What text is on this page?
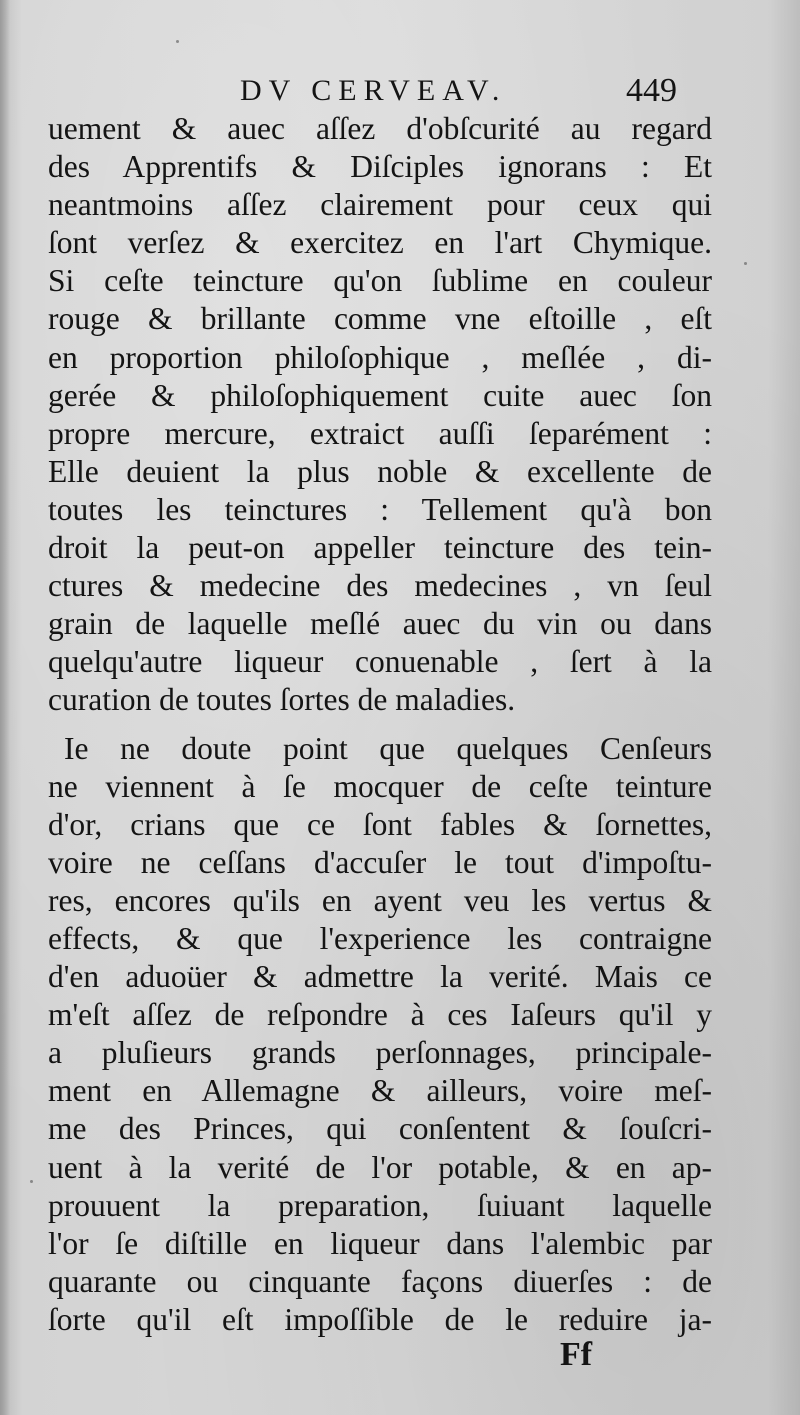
DV CERVEAV.	449
uement & auec aſſez d'obſcurité au regard
des Apprentifs & Diſciples ignorans : Et
neantmoins aſſez clairement pour ceux qui
ſont verſez & exercitez en l'art Chymique.
Si ceſte teincture qu'on ſublime en couleur
rouge & brillante comme vne eſtoille , eſt
en proportion philoſophique , meſlée , di-
gerée & philoſophiquement cuite auec ſon
propre mercure, extraict auſſi ſeparément :
Elle deuient la plus noble & excellente de
toutes les teinctures : Tellement qu'à bon
droit la peut-on appeller teincture des tein-
ctures & medecine des medecines , vn ſeul
grain de laquelle meſlé auec du vin ou dans
quelqu'autre liqueur conuenable , ſert à la
curation de toutes ſortes de maladies.
Ie ne doute point que quelques Cenſeurs
ne viennent à ſe mocquer de ceſte teinture
d'or, crians que ce ſont fables & ſornettes,
voire ne ceſſans d'accuſer le tout d'impoſtu-
res, encores qu'ils en ayent veu les vertus &
effects, & que l'experience les contraigne
d'en aduoüer & admettre la verité. Mais ce
m'eſt aſſez de reſpondre à ces Iaſeurs qu'il y
a pluſieurs grands perſonnages, principale-
ment en Allemagne & ailleurs, voire meſ-
me des Princes, qui conſentent & ſouſcri-
uent à la verité de l'or potable, & en ap-
prouuent la preparation, ſuiuant laquelle
l'or ſe diſtille en liqueur dans l'alembic par
quarante ou cinquante façons diuerſes : de
ſorte qu'il eſt impoſſible de le reduire ja-
Ff
